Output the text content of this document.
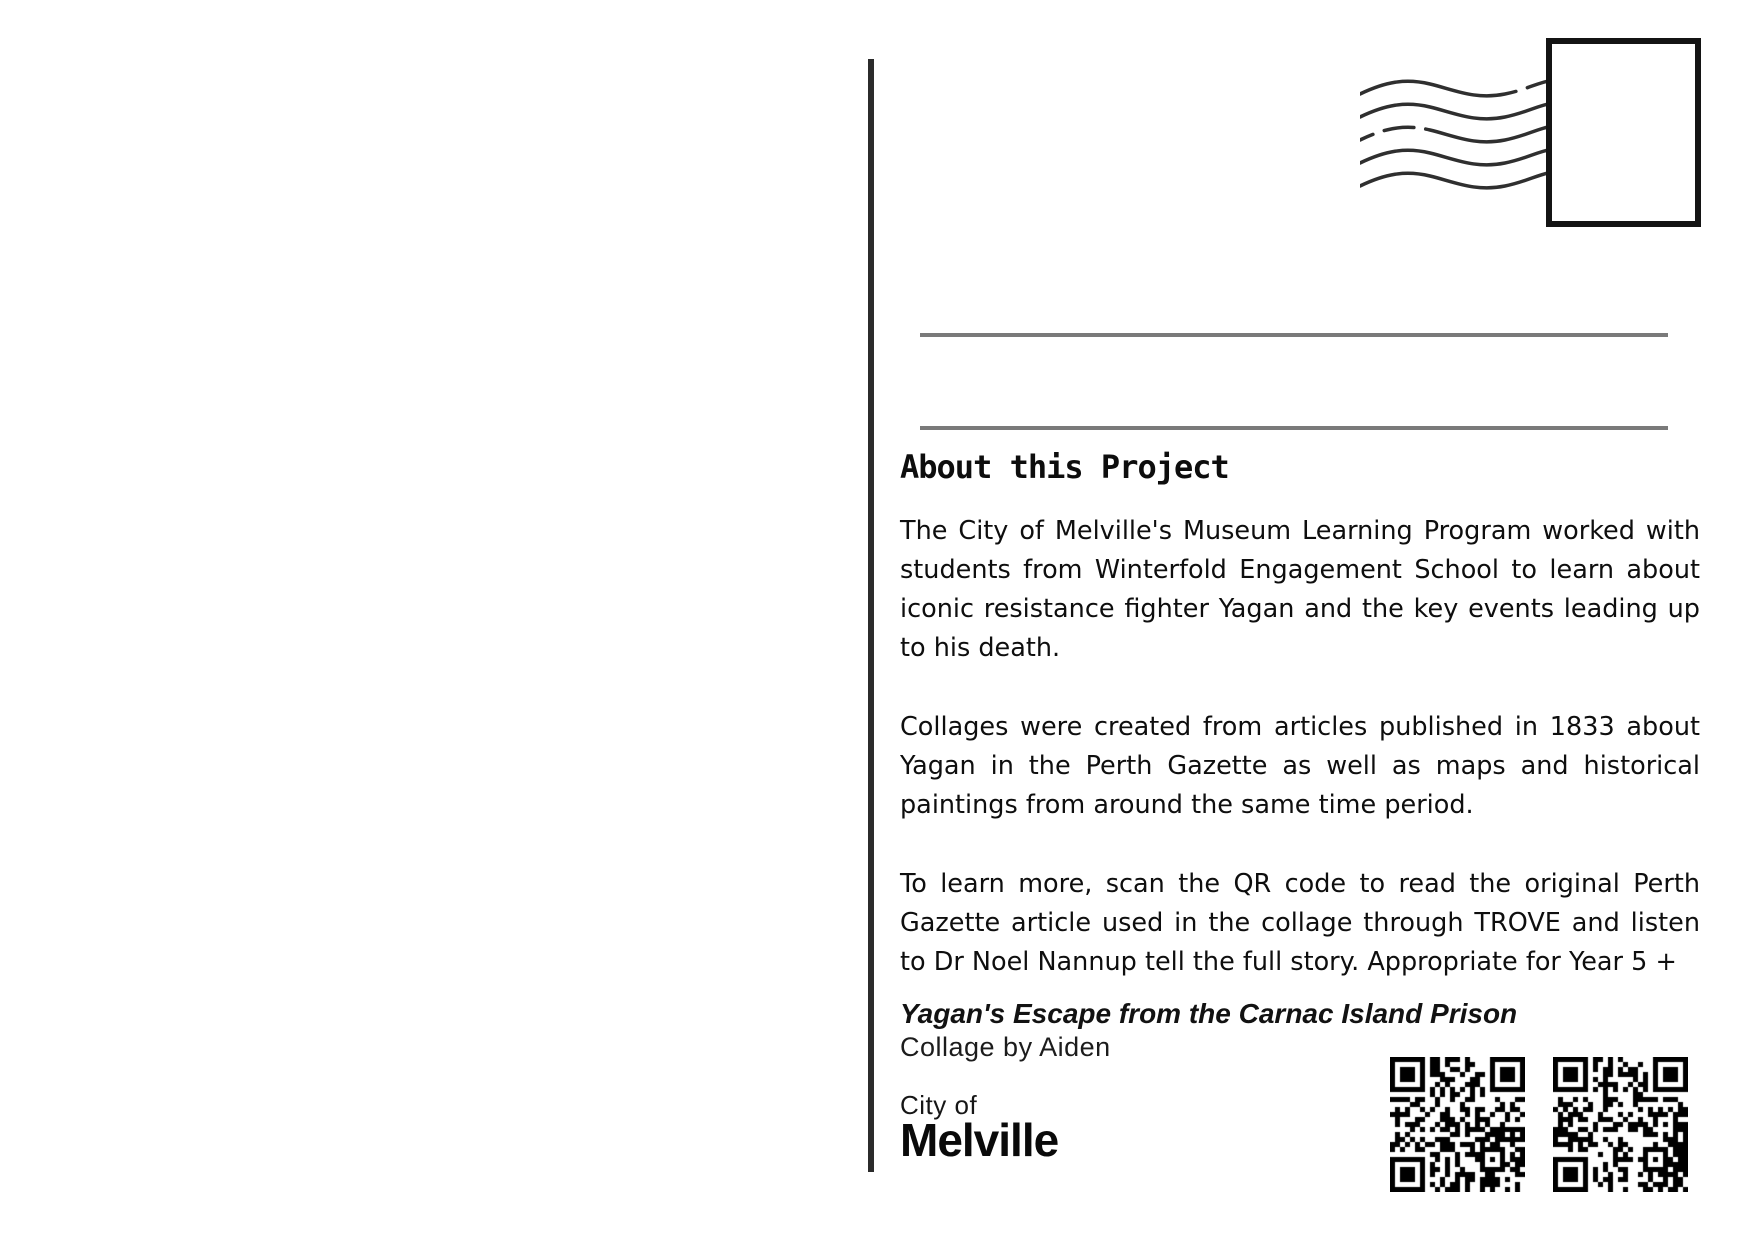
About this Project

The City of Melville's Museum Learning Program worked with students from Winterfold Engagement School to learn about iconic resistance fighter Yagan and the key events leading up to his death.

Collages were created from articles published in 1833 about Yagan in the Perth Gazette as well as maps and historical paintings from around the same time period.

To learn more, scan the QR code to read the original Perth Gazette article used in the collage through TROVE and listen to Dr Noel Nannup tell the full story. Appropriate for Year 5 +

Yagan's Escape from the Carnac Island Prison
Collage by Aiden
City of
Melville
